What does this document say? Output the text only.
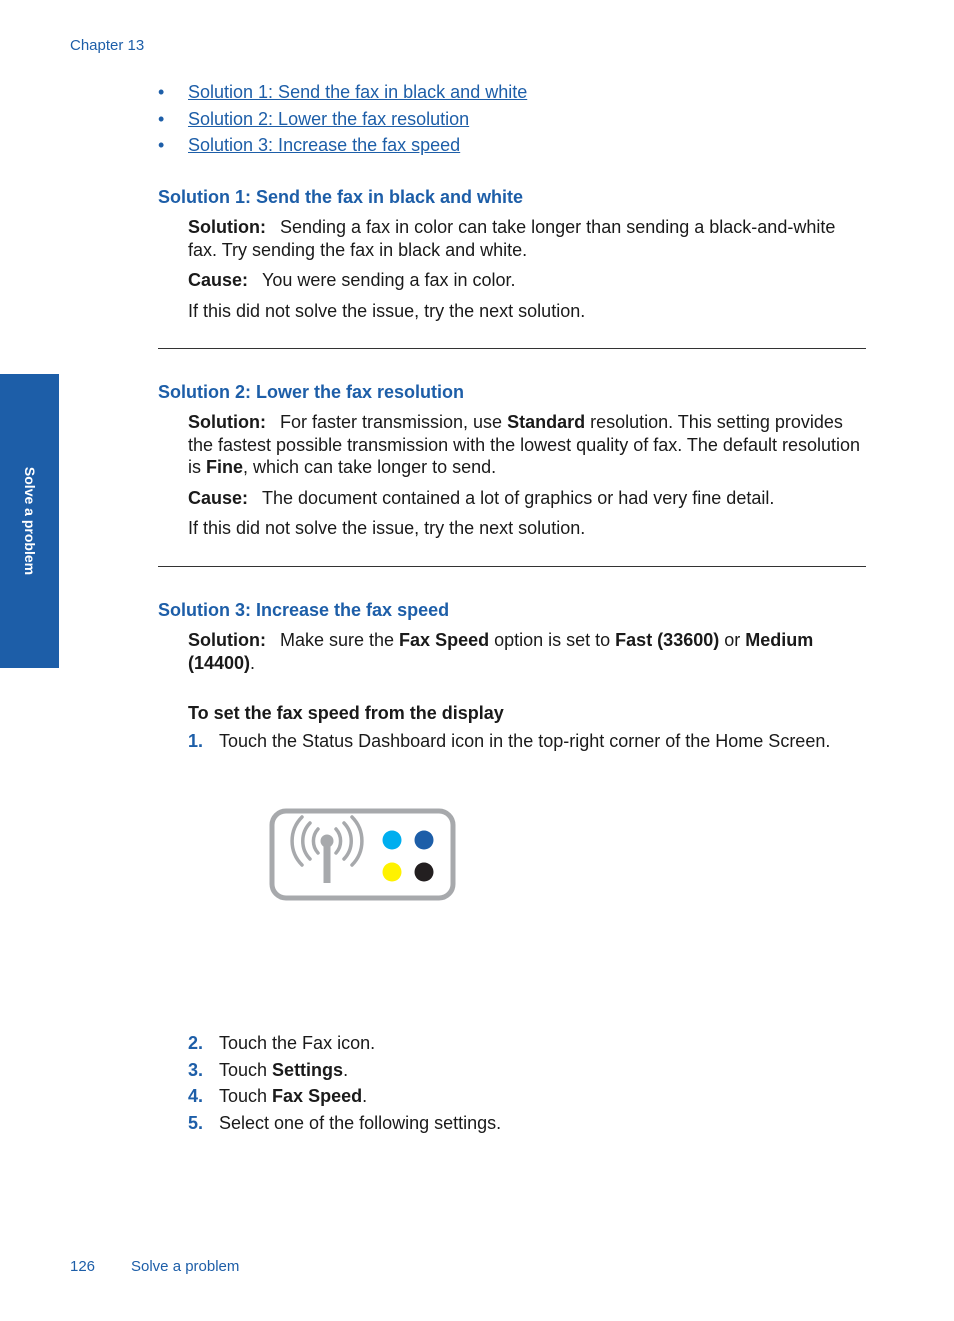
Chapter 13
•	Solution 1: Send the fax in black and white
•	Solution 2: Lower the fax resolution
•	Solution 3: Increase the fax speed
Solution 1: Send the fax in black and white

Solution: Sending a fax in color can take longer than sending a black-and-white fax. Try sending the fax in black and white.

Cause: You were sending a fax in color.

If this did not solve the issue, try the next solution.

Solution 2: Lower the fax resolution

Solution: For faster transmission, use Standard resolution. This setting provides the fastest possible transmission with the lowest quality of fax. The default resolution is Fine, which can take longer to send.

Cause: The document contained a lot of graphics or had very fine detail.

If this did not solve the issue, try the next solution.

Solution 3: Increase the fax speed

Solution: Make sure the Fax Speed option is set to Fast (33600) or Medium (14400).

To set the fax speed from the display
1. Touch the Status Dashboard icon in the top-right corner of the Home Screen.
2. Touch the Fax icon.
3. Touch Settings.
4. Touch Fax Speed.
5. Select one of the following settings.
Solve a problem
126 Solve a problem
